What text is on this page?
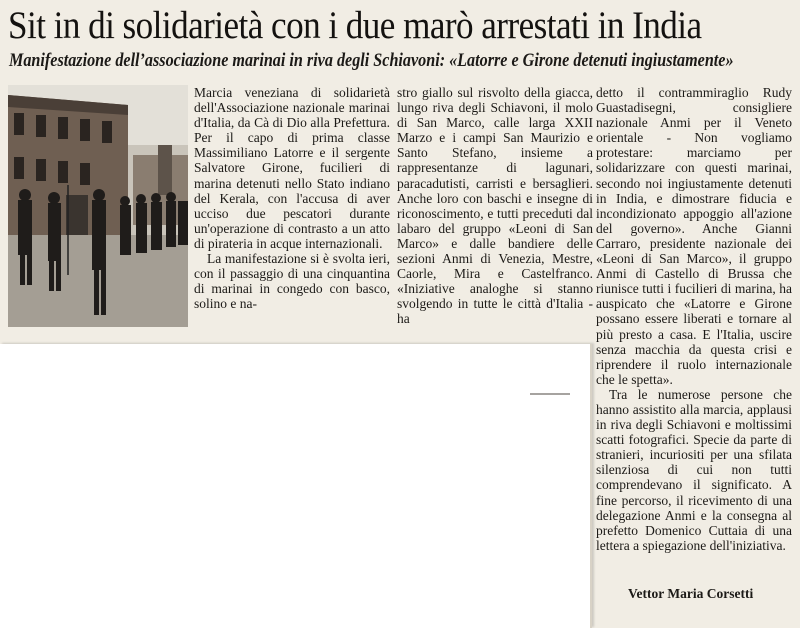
Sit in di solidarietà con i due marò arrestati in India
Manifestazione dell’associazione marinai in riva degli Schiavoni: «Latorre e Girone detenuti ingiustamente»

Marcia veneziana di solidarietà dell'Associazione nazionale marinai d'Italia, da Cà di Dio alla Prefettura. Per il capo di prima classe Massimiliano Latorre e il sergente Salvatore Girone, fucilieri di marina detenuti nello Stato indiano del Kerala, con l'accusa di aver ucciso due pescatori durante un'operazione di contrasto a un atto di pirateria in acque internazionali.

La manifestazione si è svolta ieri, con il passaggio di una cinquantina di marinai in congedo con basco, solino e na-

stro giallo sul risvolto della giacca, lungo riva degli Schiavoni, il molo di San Marco, calle larga XXII Marzo e i campi San Maurizio e Santo Stefano, insieme a rappresentanze di lagunari, paracadutisti, carristi e bersaglieri. Anche loro con baschi e insegne di riconoscimento, e tutti preceduti dal labaro del gruppo «Leoni di San Marco» e dalle bandiere delle sezioni Anmi di Venezia, Mestre, Caorle, Mira e Castelfranco. «Iniziative analoghe si stanno svolgendo in tutte le città d'Italia - ha

detto il contrammiraglio Rudy Guastadisegni, consigliere nazionale Anmi per il Veneto orientale - Non vogliamo protestare: marciamo per solidarizzare con questi marinai, secondo noi ingiustamente detenuti in India, e dimostrare fiducia e incondizionato appoggio all'azione del governo». Anche Gianni Carraro, presidente nazionale dei «Leoni di San Marco», il gruppo Anmi di Castello di Brussa che riunisce tutti i fucilieri di marina, ha auspicato che «Latorre e Girone possano essere liberati e tornare al più presto a casa. E l'Italia, uscire senza macchia da questa crisi e riprendere il ruolo internazionale che le spetta».

Tra le numerose persone che hanno assistito alla marcia, applausi in riva degli Schiavoni e moltissimi scatti fotografici. Specie da parte di stranieri, incuriositi per una sfilata silenziosa di cui non tutti comprendevano il significato. A fine percorso, il ricevimento di una delegazione Anmi e la consegna al prefetto Domenico Cuttaia di una lettera a spiegazione dell'iniziativa.

Vettor Maria Corsetti
